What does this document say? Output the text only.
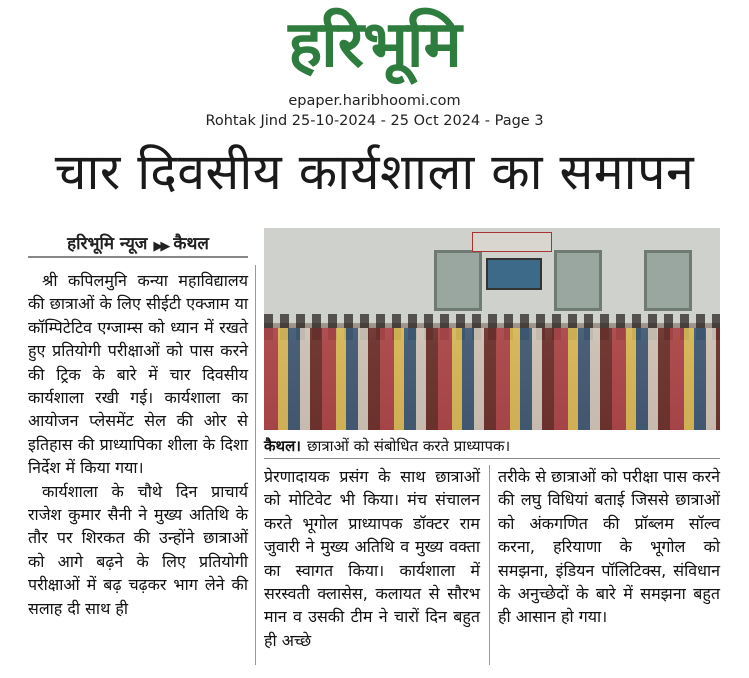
हरिभूमि
epaper.haribhoomi.com
Rohtak Jind 25-10-2024 - 25 Oct 2024 - Page 3
चार दिवसीय कार्यशाला का समापन
हरिभूमि न्यूज ▶▶ कैथल

श्री कपिलमुनि कन्या महाविद्यालय की छात्राओं के लिए सीईटी एक्जाम या कॉम्पिटेटिव एग्जाम्स को ध्यान में रखते हुए प्रतियोगी परीक्षाओं को पास करने की ट्रिक के बारे में चार दिवसीय कार्यशाला रखी गई। कार्यशाला का आयोजन प्लेसमेंट सेल की ओर से इतिहास की प्राध्यापिका शीला के दिशा निर्देश में किया गया।

कार्यशाला के चौथे दिन प्राचार्य राजेश कुमार सैनी ने मुख्य अतिथि के तौर पर शिरकत की उन्होंने छात्राओं को आगे बढ़ने के लिए प्रतियोगी परीक्षाओं में बढ़ चढ़कर भाग लेने की सलाह दी साथ ही

कैथल। छात्राओं को संबोधित करते प्राध्यापक।

प्रेरणादायक प्रसंग के साथ छात्राओं को मोटिवेट भी किया। मंच संचालन करते भूगोल प्राध्यापक डॉक्टर राम जुवारी ने मुख्य अतिथि व मुख्य वक्ता का स्वागत किया। कार्यशाला में सरस्वती क्लासेस, कलायत से सौरभ मान व उसकी टीम ने चारों दिन बहुत ही अच्छे

तरीके से छात्राओं को परीक्षा पास करने की लघु विधियां बताई जिससे छात्राओं को अंकगणित की प्रॉब्लम सॉल्व करना, हरियाणा के भूगोल को समझना, इंडियन पॉलिटिक्स, संविधान के अनुच्छेदों के बारे में समझना बहुत ही आसान हो गया।
